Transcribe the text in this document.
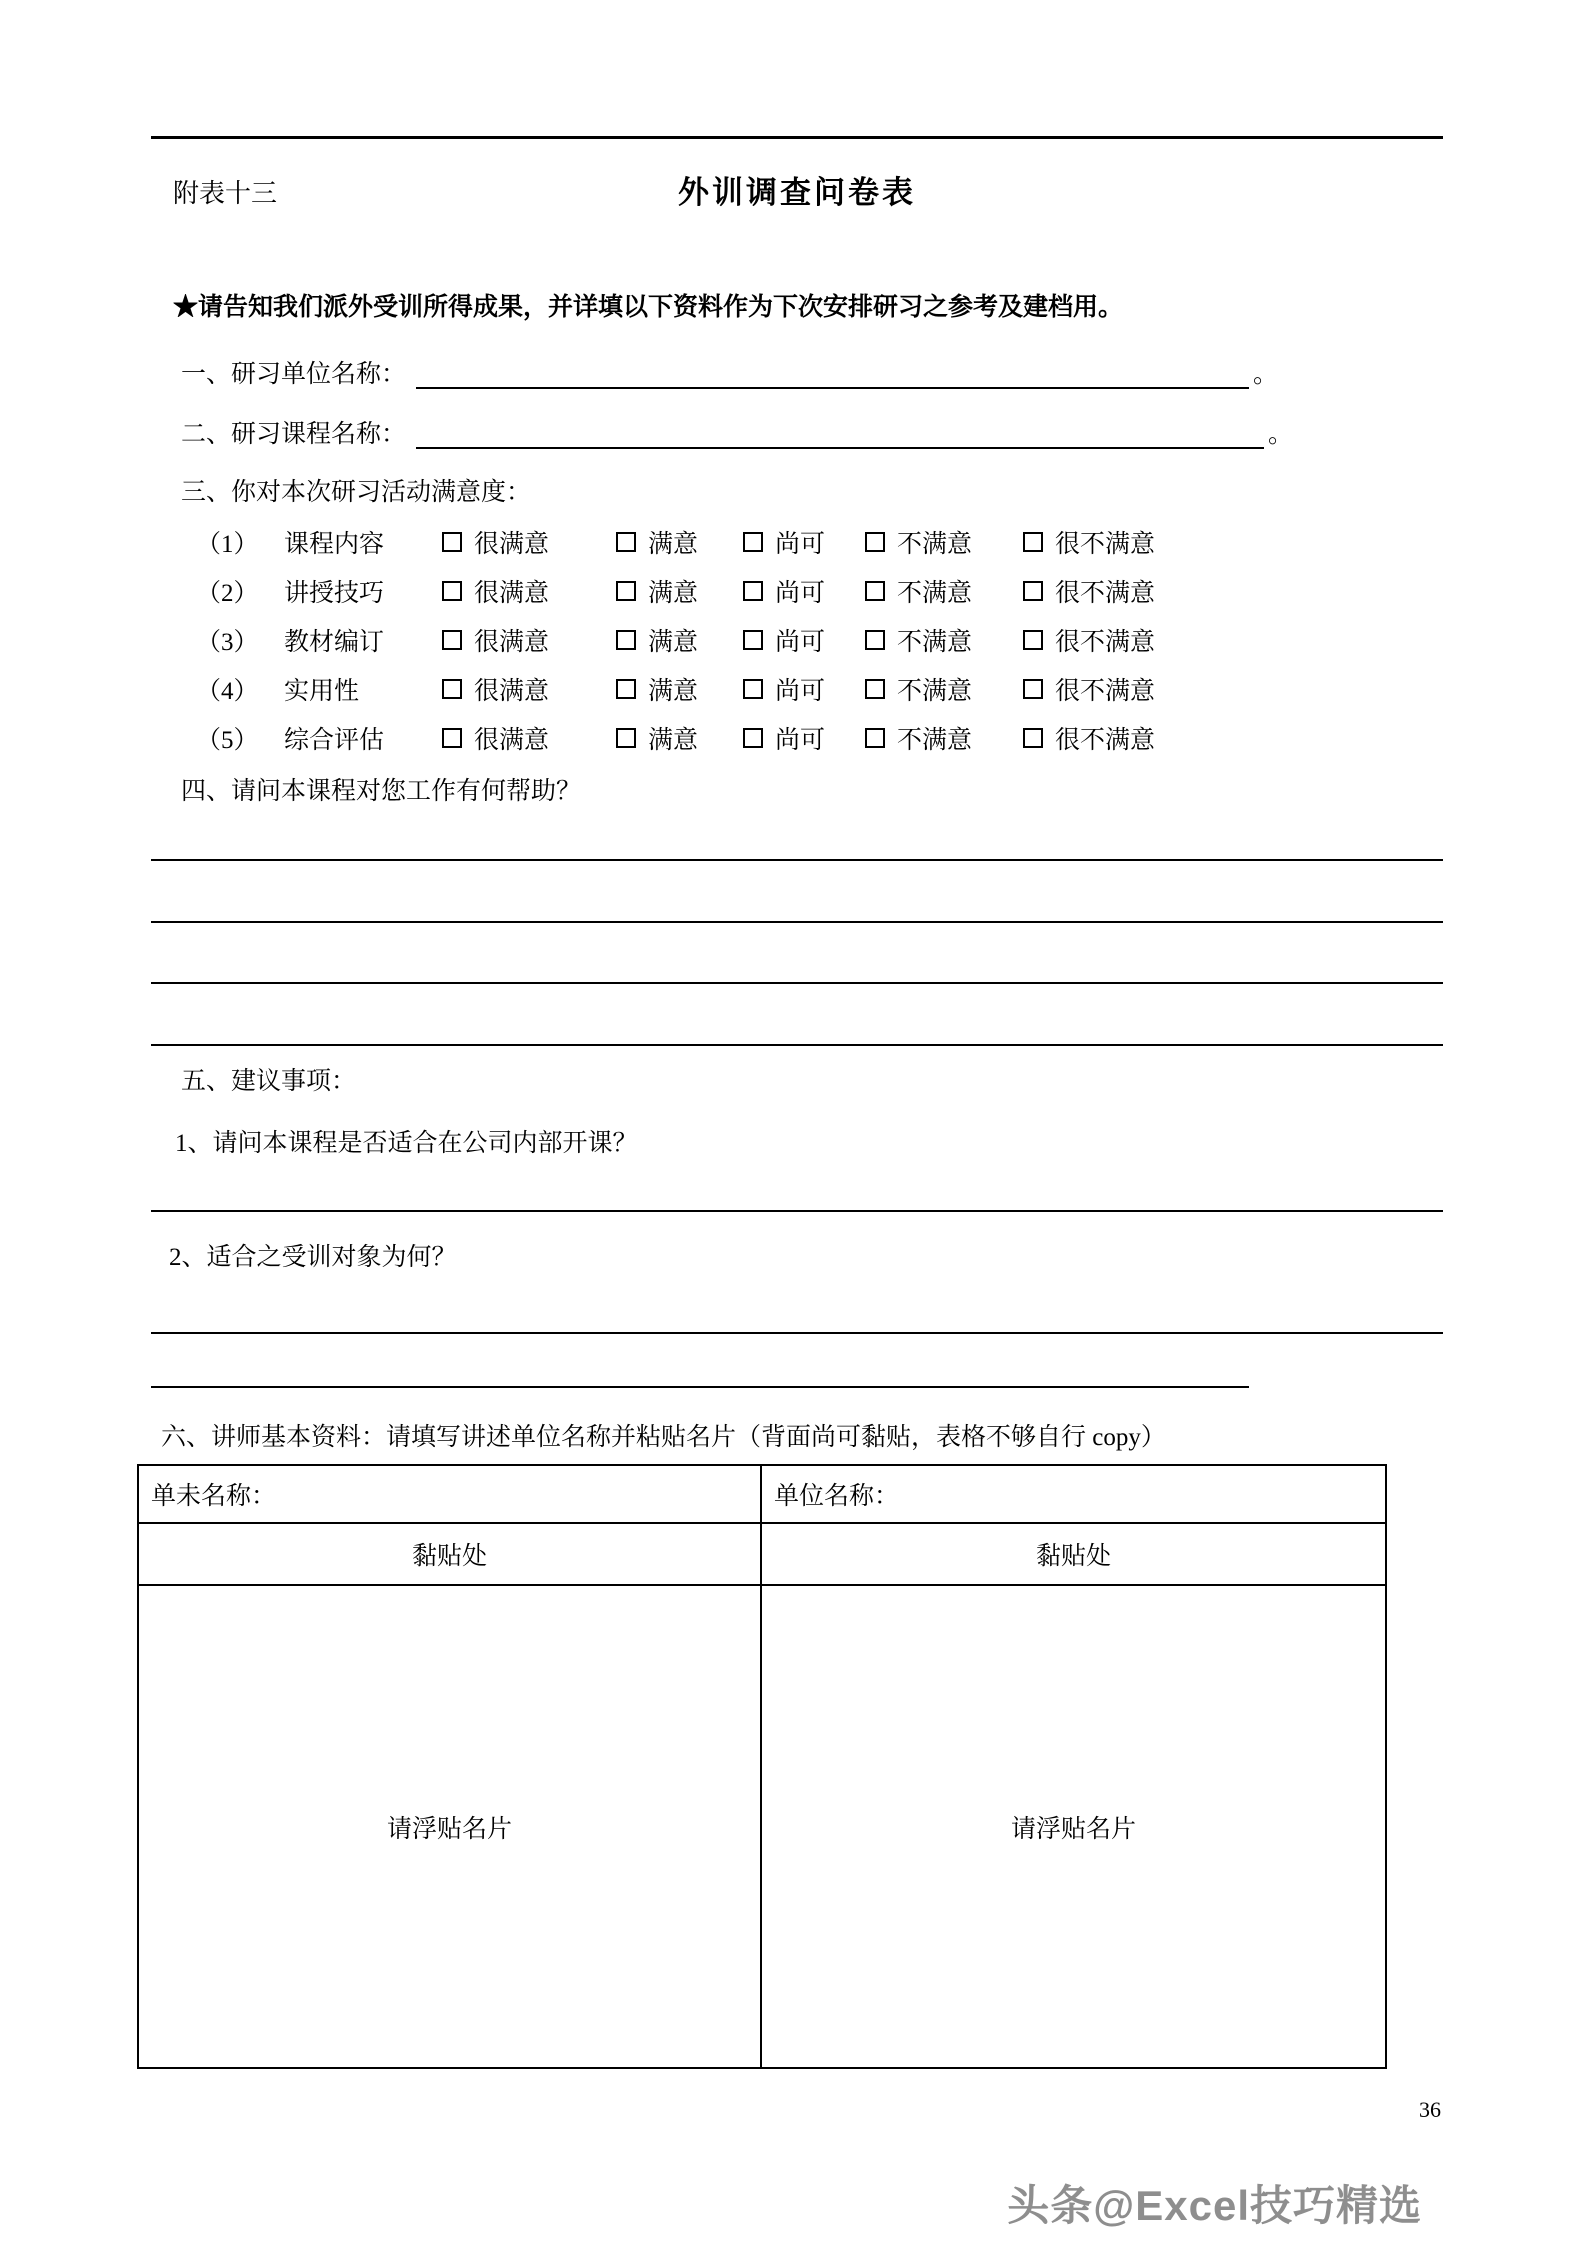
附表十三	外训调查问卷表
★请告知我们派外受训所得成果，并详填以下资料作为下次安排研习之参考及建档用。
一、研习单位名称：	。
二、研习课程名称：	。
三、你对本次研习活动满意度：
（1）	课程内容	很满意	满意	尚可	不满意	很不满意
（2）	讲授技巧	很满意	满意	尚可	不满意	很不满意
（3）	教材编订	很满意	满意	尚可	不满意	很不满意
（4）	实用性	很满意	满意	尚可	不满意	很不满意
（5）	综合评估	很满意	满意	尚可	不满意	很不满意
四、请问本课程对您工作有何帮助？
五、建议事项：
1、请问本课程是否适合在公司内部开课？
2、适合之受训对象为何？
六、讲师基本资料：请填写讲述单位名称并粘贴名片（背面尚可黏贴，表格不够自行 copy）
单未名称：	单位名称：
黏贴处	黏贴处
请浮贴名片	请浮贴名片
36
头条@Excel技巧精选
